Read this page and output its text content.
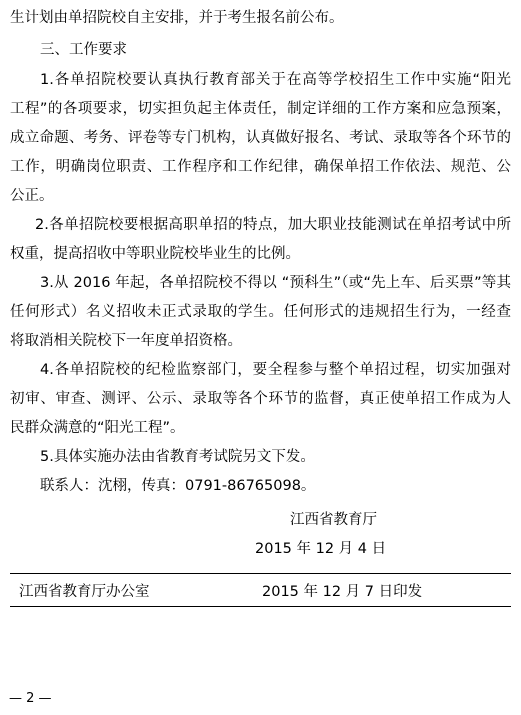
生计划由单招院校自主安排，并于考生报名前公布。
三、工作要求
1.各单招院校要认真执行教育部关于在高等学校招生工作中实施“阳光
工程”的各项要求，切实担负起主体责任，制定详细的工作方案和应急预案，
成立命题、考务、评卷等专门机构，认真做好报名、考试、录取等各个环节的
工作，明确岗位职责、工作程序和工作纪律，确保单招工作依法、规范、公
公正。
2.各单招院校要根据高职单招的特点，加大职业技能测试在单招考试中所
权重，提高招收中等职业院校毕业生的比例。
3.从 2016 年起，各单招院校不得以 “预科生”（或“先上车、后买票”等其
任何形式）名义招收未正式录取的学生。任何形式的违规招生行为，一经查
将取消相关院校下一年度单招资格。
4.各单招院校的纪检监察部门，要全程参与整个单招过程，切实加强对
初审、审查、测评、公示、录取等各个环节的监督，真正使单招工作成为人
民群众满意的“阳光工程”。
5.具体实施办法由省教育考试院另文下发。
联系人：沈栩，传真：0791-86765098。
江西省教育厅
2015 年 12 月 4 日
江西省教育厅办公室	2015 年 12 月 7 日印发
— 2 —
